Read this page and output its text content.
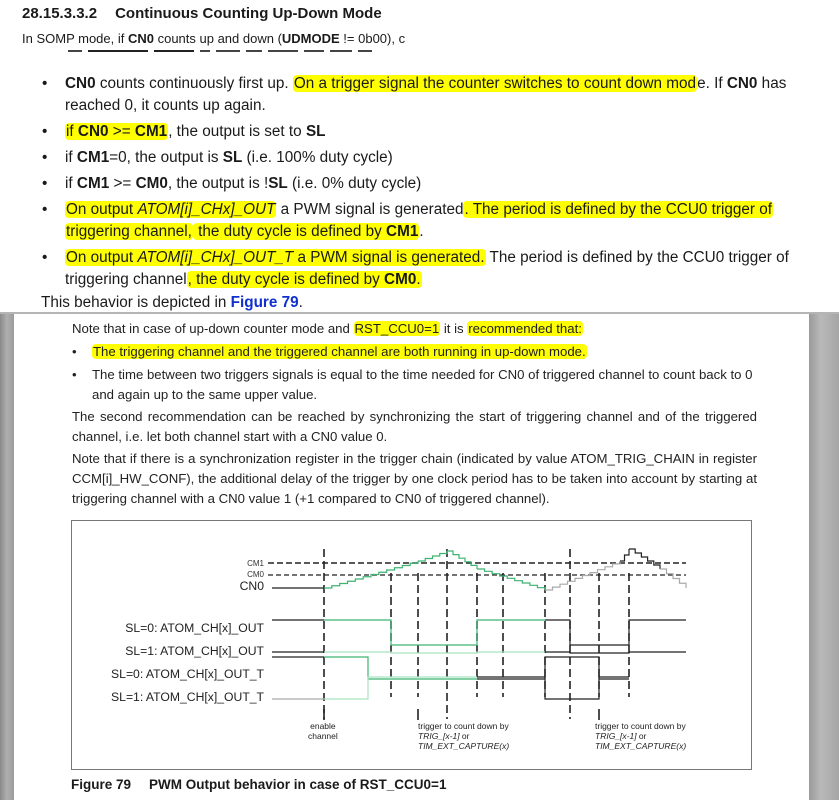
28.15.3.3.2 Continuous Counting Up-Down Mode
In SOMP mode, if CN0 counts up and down (UDMODE != 0b00), c
• CN0 counts continuously first up. On a trigger signal the counter switches to count down mode. If CN0 has reached 0, it counts up again.
• if CN0 >= CM1, the output is set to SL
• if CM1=0, the output is SL (i.e. 100% duty cycle)
• if CM1 >= CM0, the output is !SL (i.e. 0% duty cycle)
• On output ATOM[i]_CHx]_OUT a PWM signal is generated. The period is defined by the CCU0 trigger of
triggering channel, the duty cycle is defined by CM1.
• On output ATOM[i]_CHx]_OUT_T a PWM signal is generated. The period is defined by the CCU0 trigger of
triggering channel, the duty cycle is defined by CM0.
This behavior is depicted in Figure 79.
Note that in case of up-down counter mode and RST_CCU0=1 it is recommended that:
• The triggering channel and the triggered channel are both running in up-down mode.
• The time between two triggers signals is equal to the time needed for CN0 of triggered channel to count back to 0 and again up to the same upper value.
The second recommendation can be reached by synchronizing the start of triggering channel and of the triggered channel, i.e. let both channel start with a CN0 value 0.
Note that if there is a synchronization register in the trigger chain (indicated by value ATOM_TRIG_CHAIN in register CCM[i]_HW_CONF), the additional delay of the trigger by one clock period has to be taken into account by starting at triggering channel with a CN0 value 1 (+1 compared to CN0 of triggered channel).
CM1
CM0
CN0
SL=0: ATOM_CH[x]_OUT
SL=1: ATOM_CH[x]_OUT
SL=0: ATOM_CH[x]_OUT_T
SL=1: ATOM_CH[x]_OUT_T
enable
channel
trigger to count down by
TRIG_[x-1] or
TIM_EXT_CAPTURE(x)
trigger to count down by
TRIG_[x-1] or
TIM_EXT_CAPTURE(x)
Figure 79 PWM Output behavior in case of RST_CCU0=1
